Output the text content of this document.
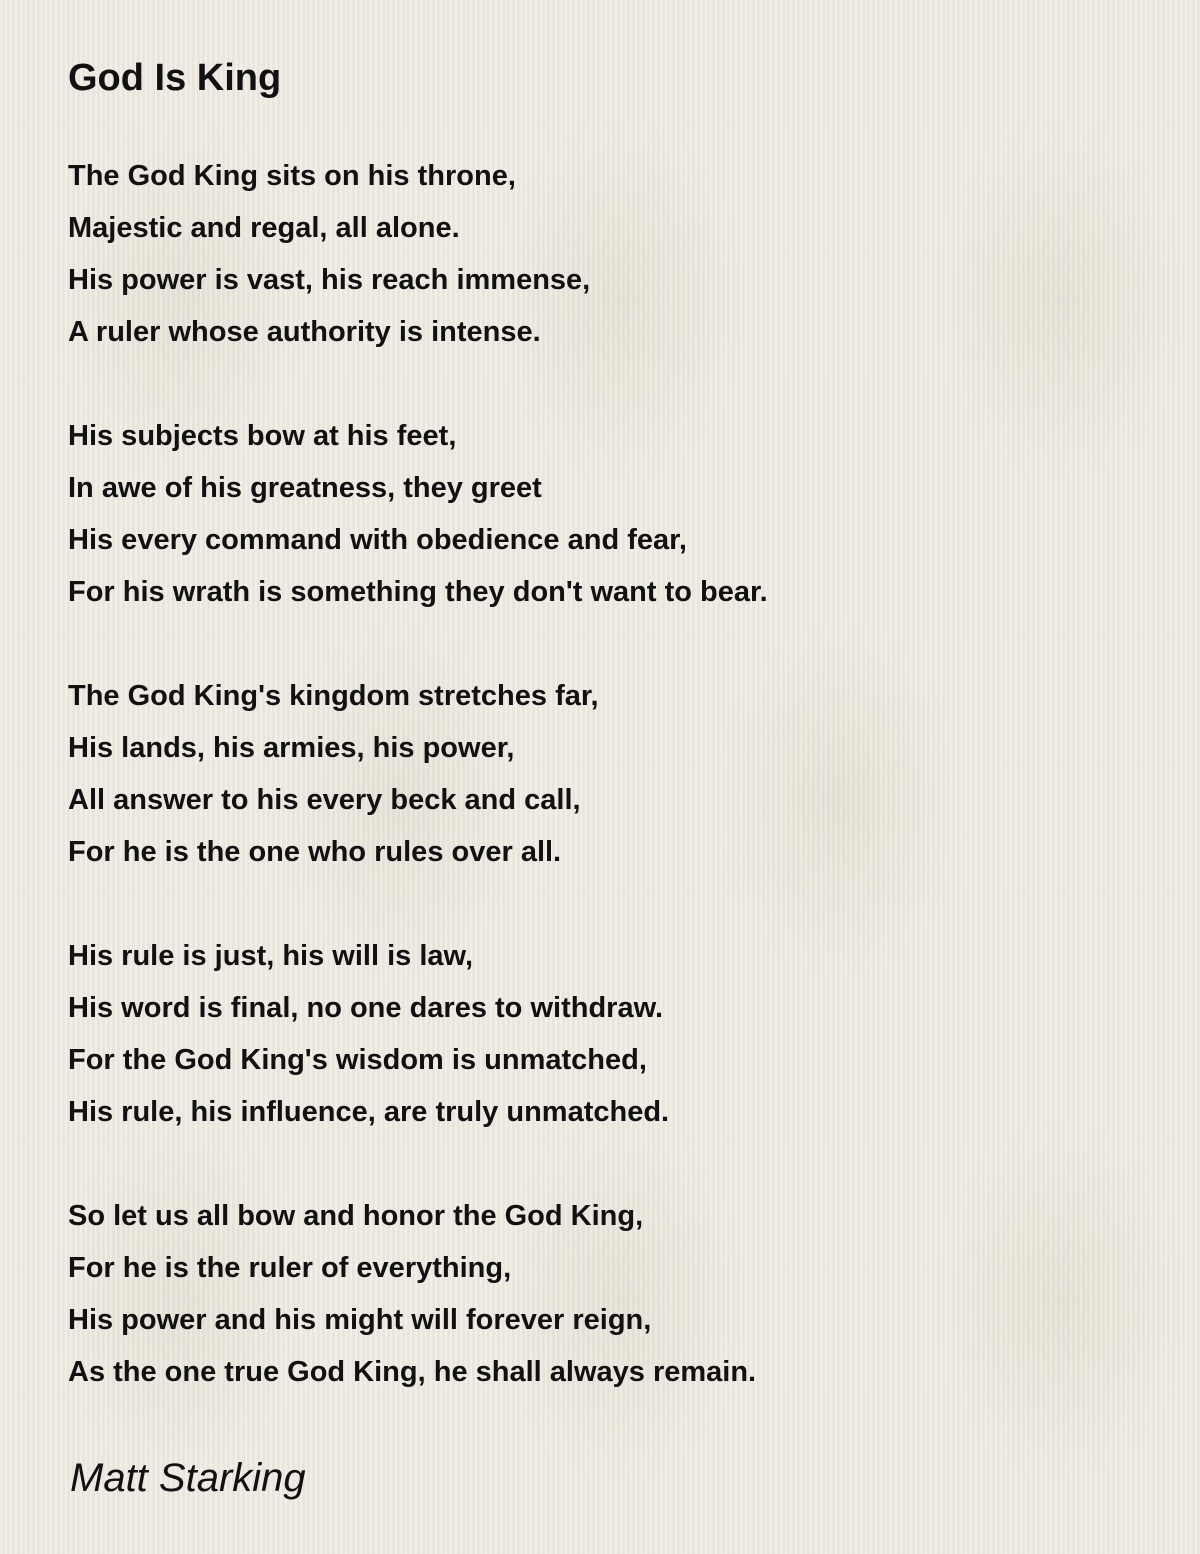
God Is King
The God King sits on his throne,
Majestic and regal, all alone.
His power is vast, his reach immense,
A ruler whose authority is intense.
His subjects bow at his feet,
In awe of his greatness, they greet
His every command with obedience and fear,
For his wrath is something they don't want to bear.
The God King's kingdom stretches far,
His lands, his armies, his power,
All answer to his every beck and call,
For he is the one who rules over all.
His rule is just, his will is law,
His word is final, no one dares to withdraw.
For the God King's wisdom is unmatched,
His rule, his influence, are truly unmatched.
So let us all bow and honor the God King,
For he is the ruler of everything,
His power and his might will forever reign,
As the one true God King, he shall always remain.
Matt Starking
